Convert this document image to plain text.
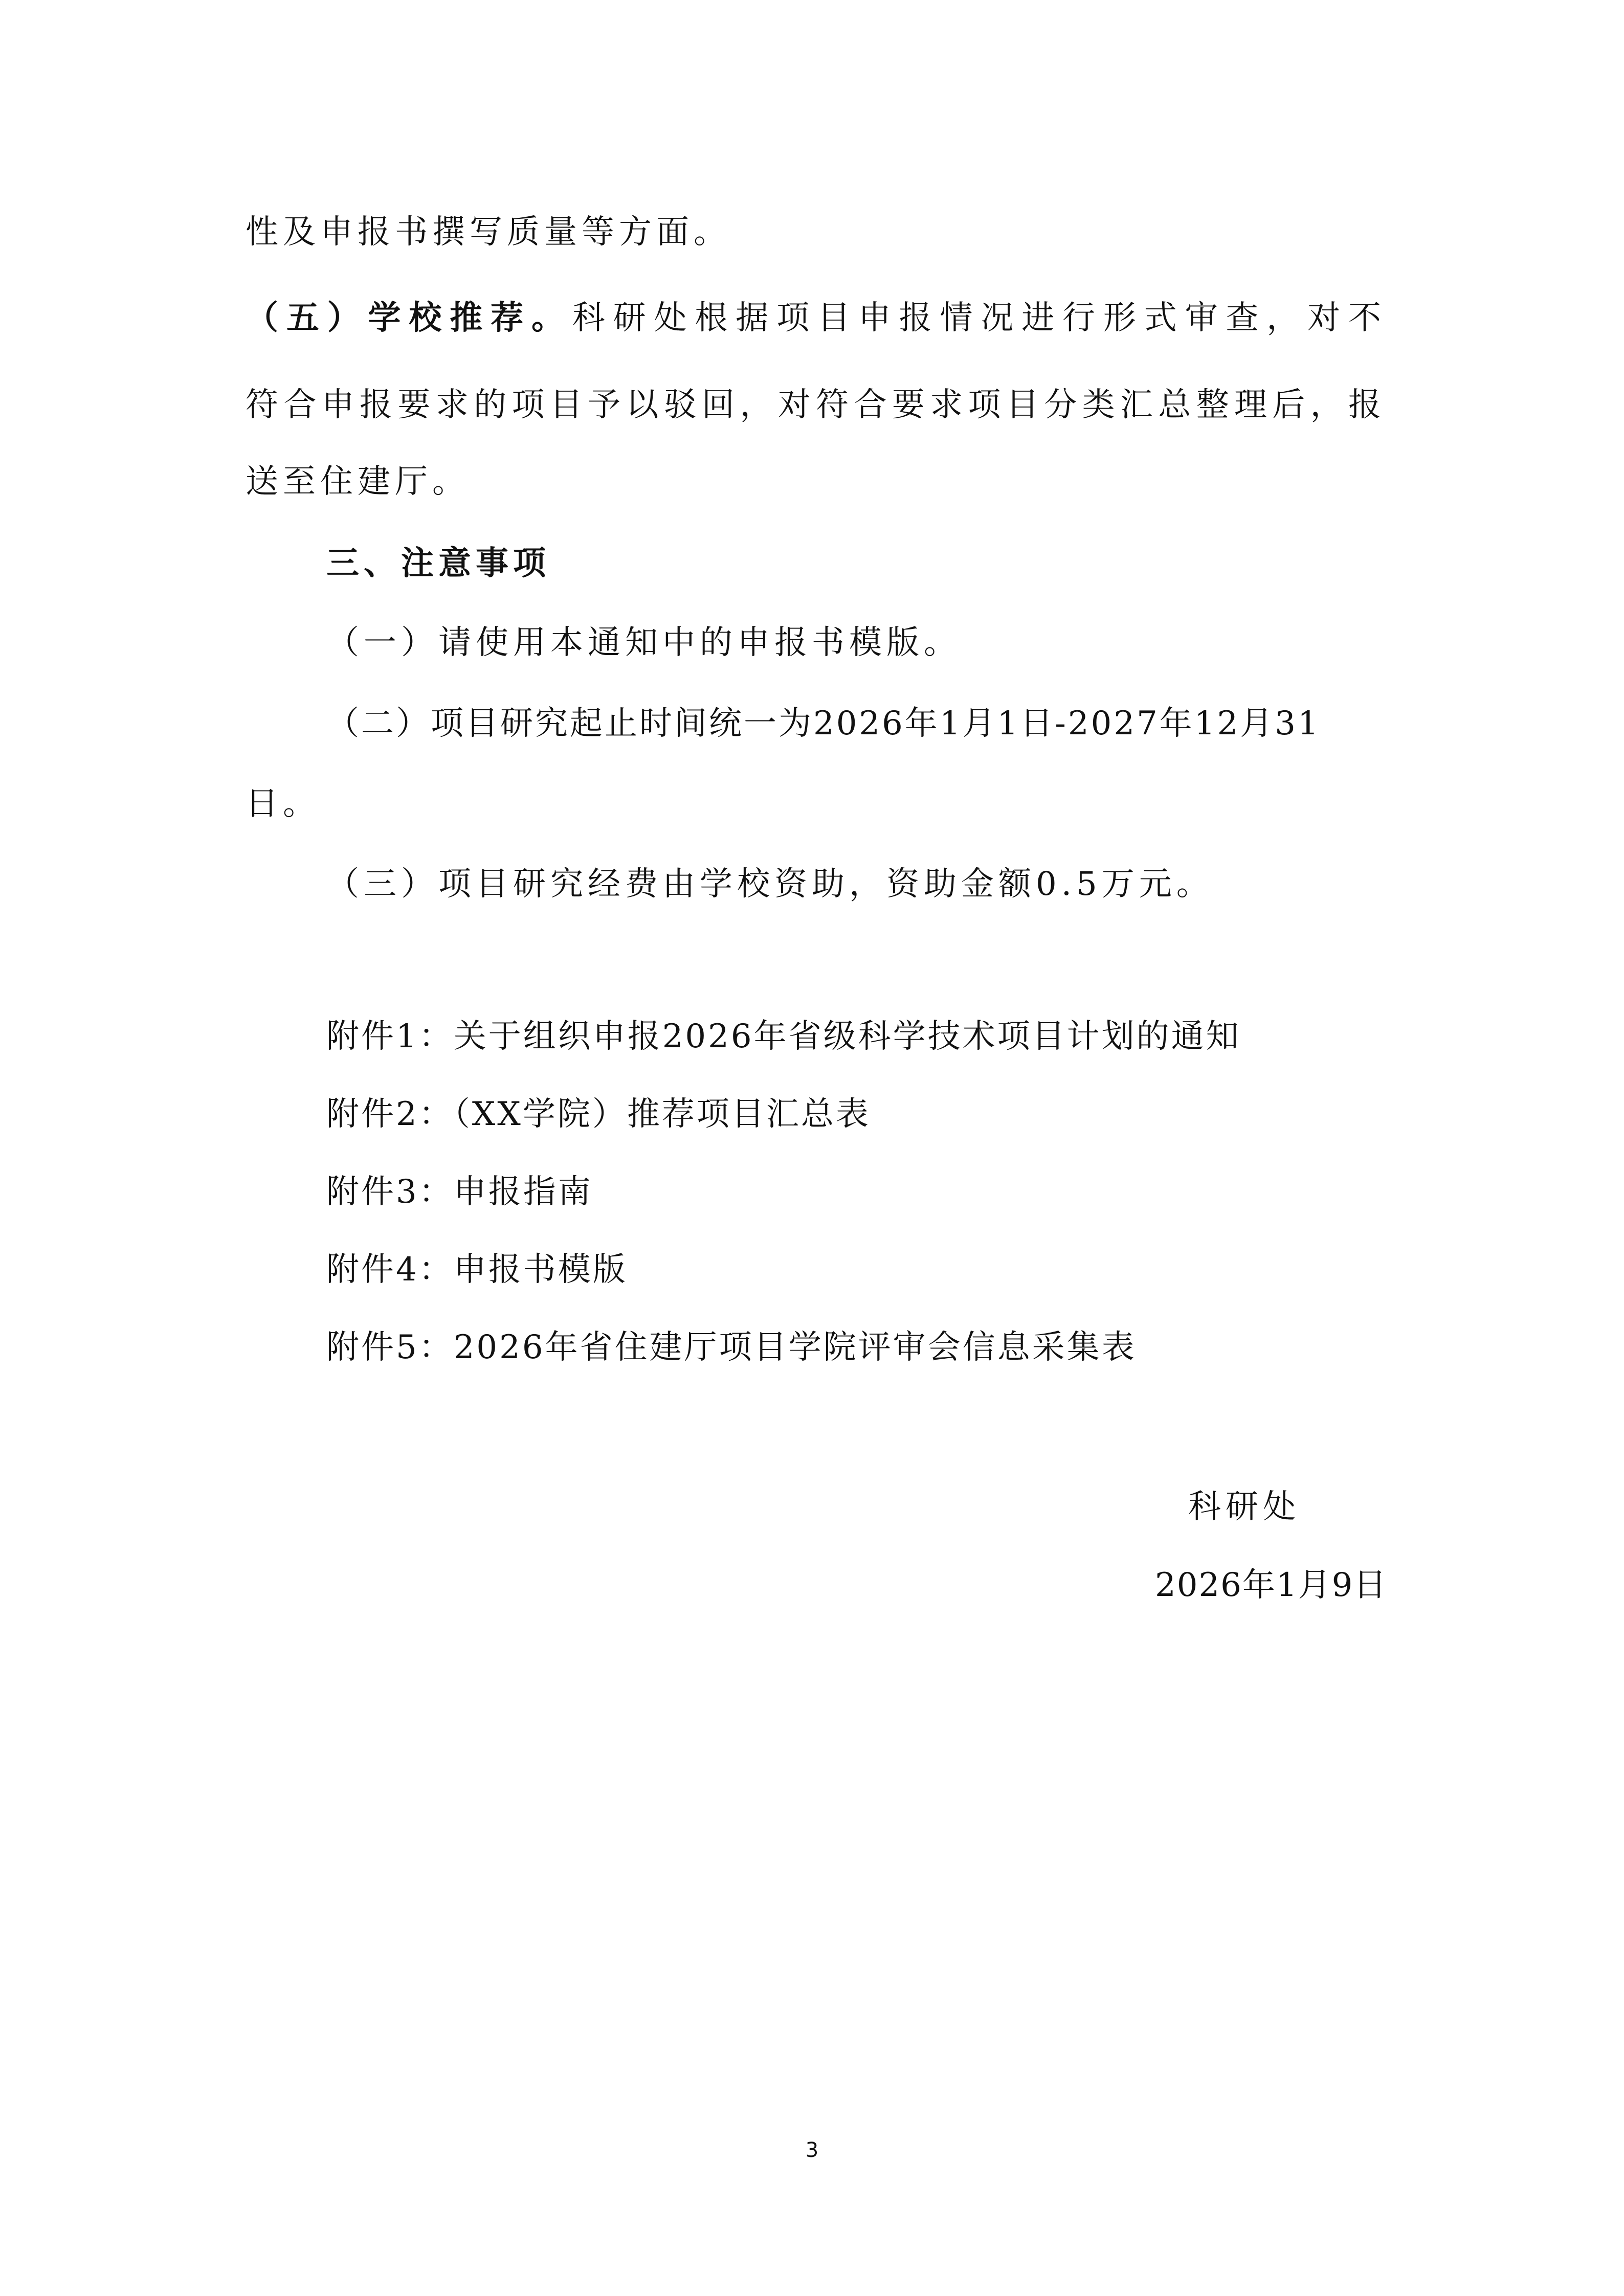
性及申报书撰写质量等方面。
（五）学校推荐。科研处根据项目申报情况进行形式审查，对不
符合申报要求的项目予以驳回，对符合要求项目分类汇总整理后，报
送至住建厅。
三、注意事项
（一）请使用本通知中的申报书模版。
（二）项目研究起止时间统一为2026年1月1日-2027年12月31
日。
（三）项目研究经费由学校资助，资助金额0.5万元。
附件1：关于组织申报2026年省级科学技术项目计划的通知
附件2：（XX学院）推荐项目汇总表
附件3：申报指南
附件4：申报书模版
附件5：2026年省住建厅项目学院评审会信息采集表
科研处
2026年1月9日
3
